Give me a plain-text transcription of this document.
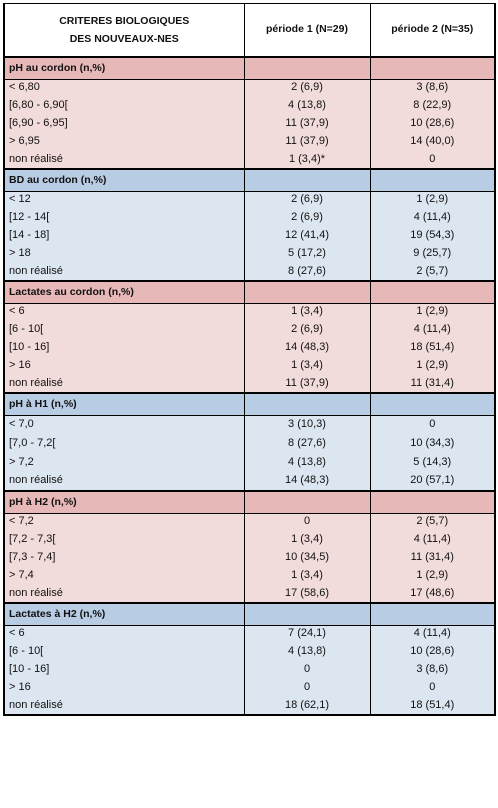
CRITERES BIOLOGIQUES
DES NOUVEAUX-NES	période 1 (N=29)	période 2 (N=35)
pH au cordon (n,%)		
< 6,80	2 (6,9)	3 (8,6)
[6,80 - 6,90[	4 (13,8)	8 (22,9)
[6,90 - 6,95]	11 (37,9)	10 (28,6)
> 6,95	11 (37,9)	14 (40,0)
non réalisé	1 (3,4)*	0
BD au cordon (n,%)		
< 12	2 (6,9)	1 (2,9)
[12 - 14[	2 (6,9)	4 (11,4)
[14 - 18]	12 (41,4)	19 (54,3)
> 18	5 (17,2)	9 (25,7)
non réalisé	8 (27,6)	2 (5,7)
Lactates au cordon (n,%)		
< 6	1 (3,4)	1 (2,9)
[6 - 10[	2 (6,9)	4 (11,4)
[10 - 16]	14 (48,3)	18 (51,4)
> 16	1 (3,4)	1 (2,9)
non réalisé	11 (37,9)	11 (31,4)
pH à H1 (n,%)		
< 7,0	3 (10,3)	0
[7,0 - 7,2[	8 (27,6)	10 (34,3)
> 7,2	4 (13,8)	5 (14,3)
non réalisé	14 (48,3)	20 (57,1)
pH à H2 (n,%)		
< 7,2	0	2 (5,7)
[7,2 - 7,3[	1 (3,4)	4 (11,4)
[7,3 - 7,4]	10 (34,5)	11 (31,4)
> 7,4	1 (3,4)	1 (2,9)
non réalisé	17 (58,6)	17 (48,6)
Lactates à H2 (n,%)		
< 6	7 (24,1)	4 (11,4)
[6 - 10[	4 (13,8)	10 (28,6)
[10 - 16]	0	3 (8,6)
> 16	0	0
non réalisé	18 (62,1)	18 (51,4)
